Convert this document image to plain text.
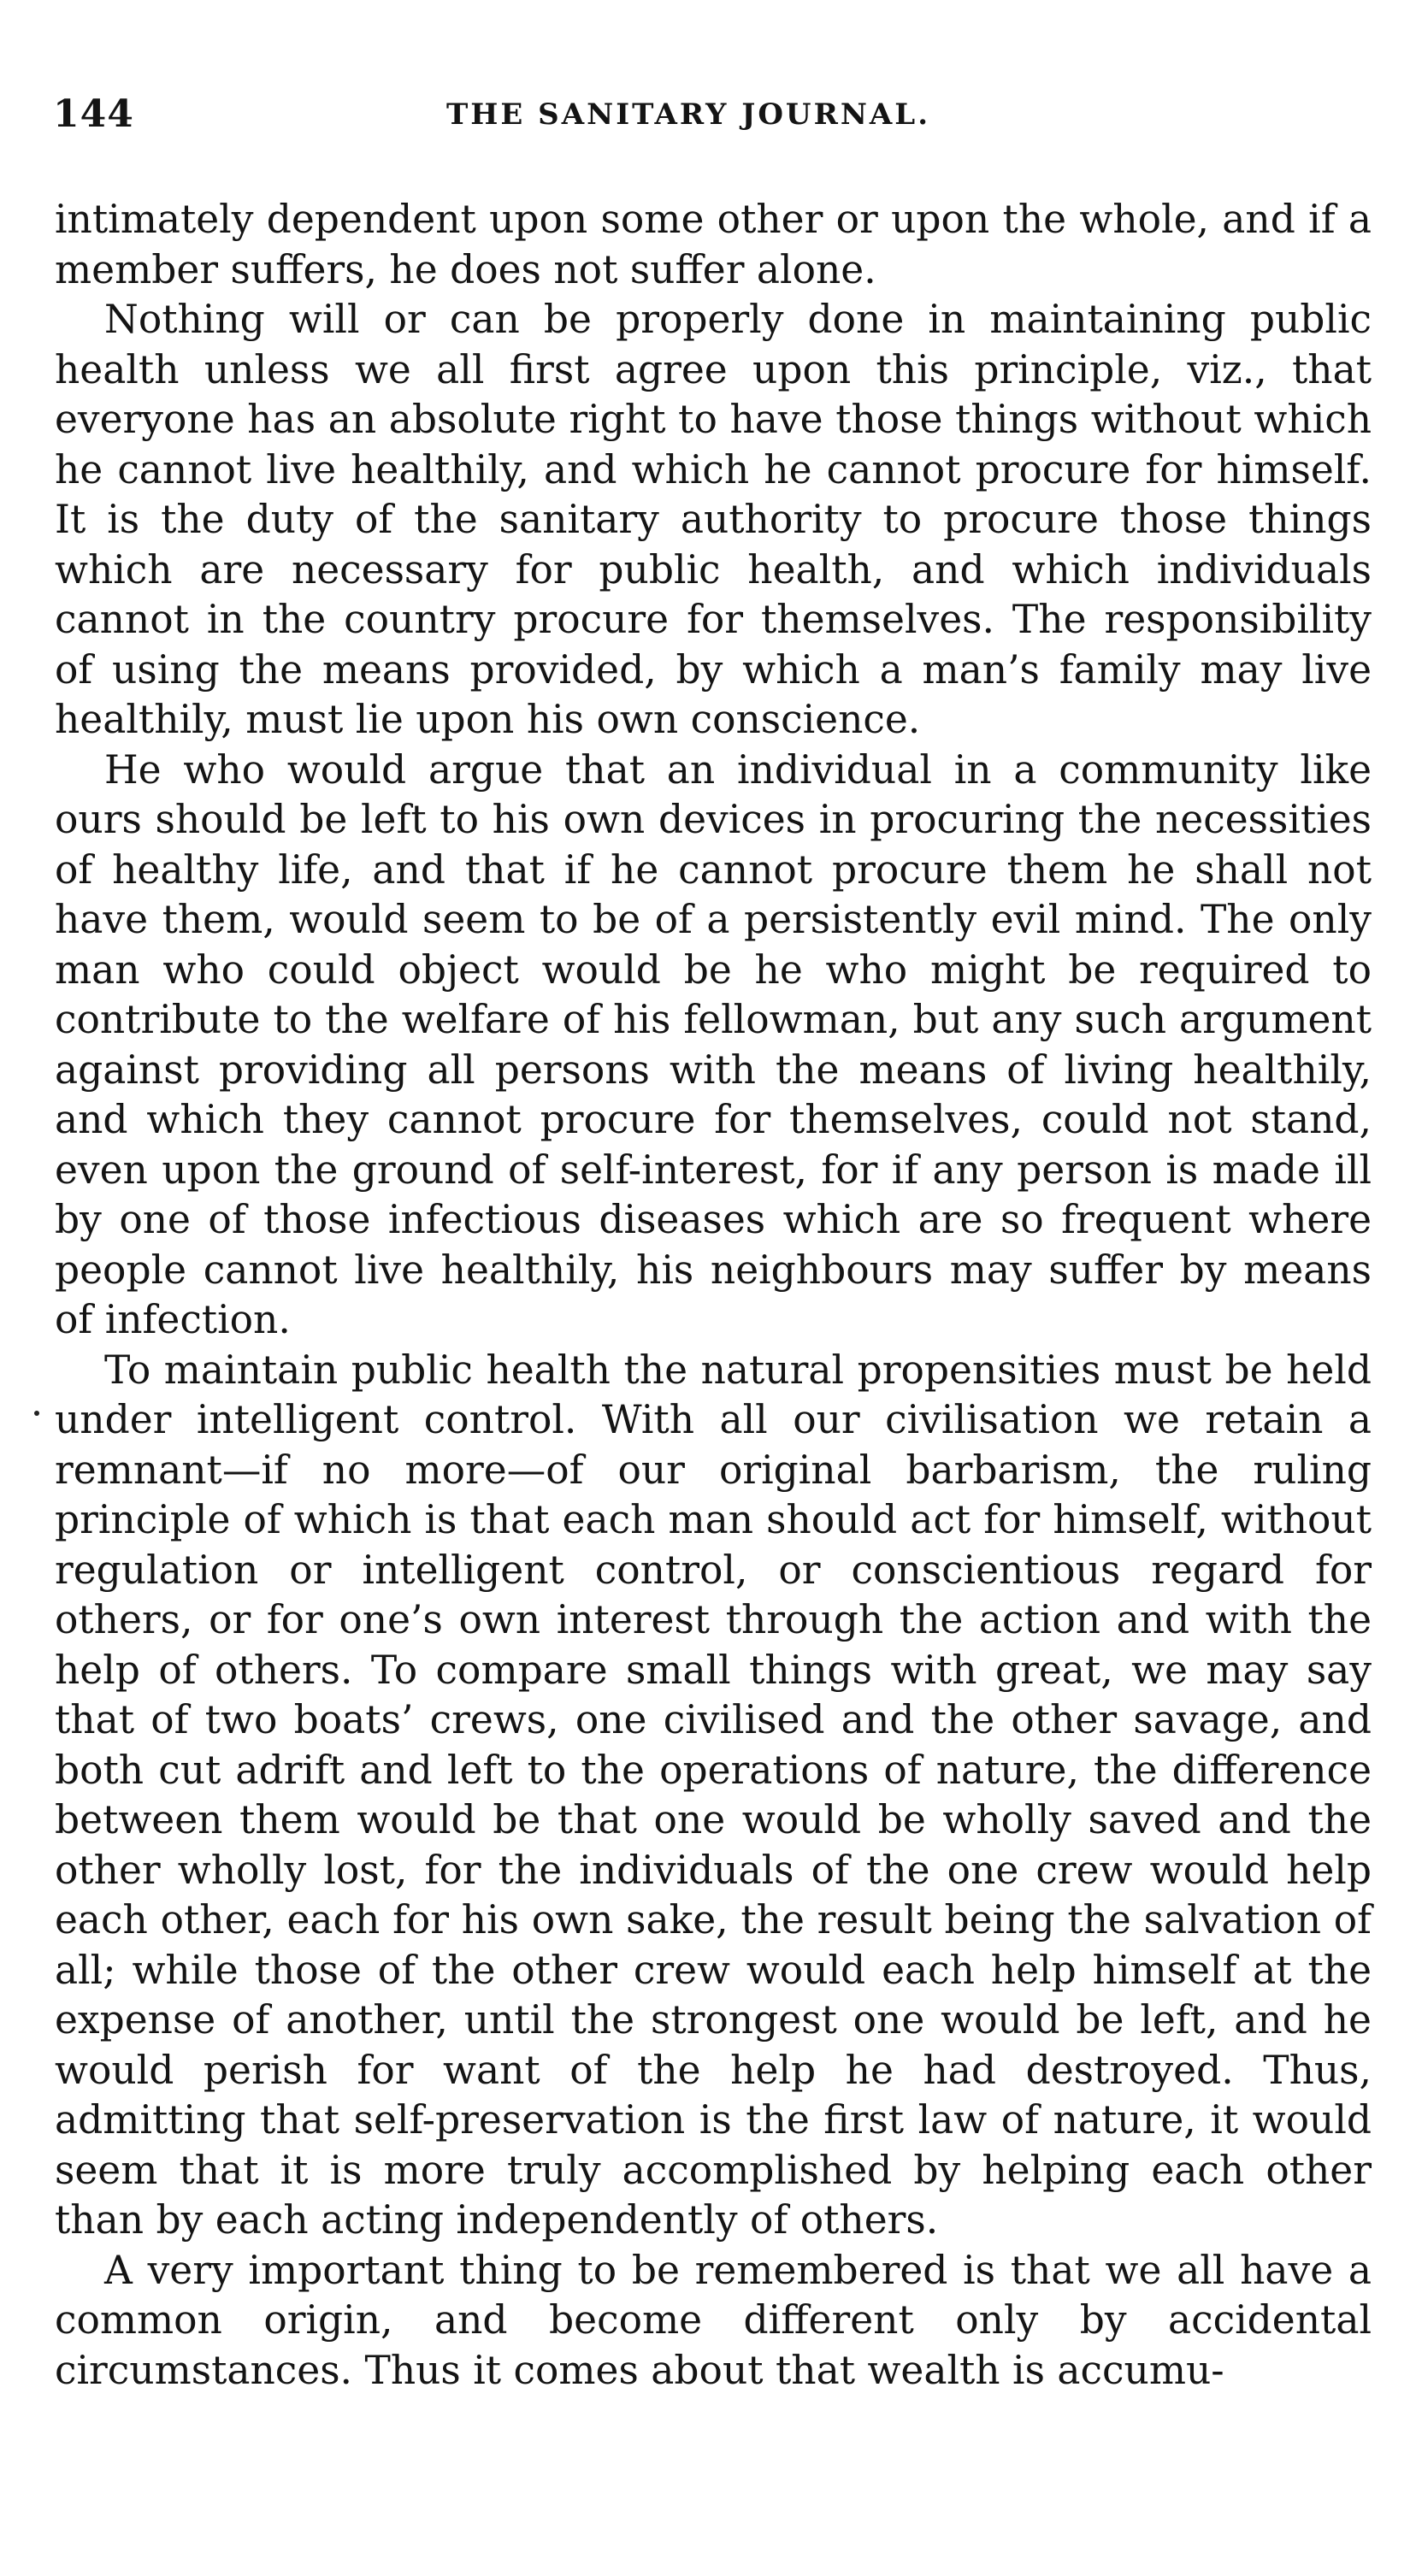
144	THE SANITARY JOURNAL.

intimately dependent upon some other or upon the whole, and if a member suffers, he does not suffer alone.

Nothing will or can be properly done in maintaining public health unless we all first agree upon this principle, viz., that everyone has an absolute right to have those things without which he cannot live healthily, and which he cannot procure for himself. It is the duty of the sanitary authority to procure those things which are necessary for public health, and which individuals cannot in the country procure for themselves. The responsibility of using the means provided, by which a man’s family may live healthily, must lie upon his own conscience.

He who would argue that an individual in a community like ours should be left to his own devices in procuring the necessities of healthy life, and that if he cannot procure them he shall not have them, would seem to be of a persistently evil mind. The only man who could object would be he who might be required to contribute to the welfare of his fellowman, but any such argument against providing all persons with the means of living healthily, and which they cannot procure for themselves, could not stand, even upon the ground of self-interest, for if any person is made ill by one of those infectious diseases which are so frequent where people cannot live healthily, his neighbours may suffer by means of infection.

To maintain public health the natural propensities must be held under intelligent control. With all our civilisation we retain a remnant—if no more—of our original barbarism, the ruling principle of which is that each man should act for himself, without regulation or intelligent control, or conscientious regard for others, or for one’s own interest through the action and with the help of others. To compare small things with great, we may say that of two boats’ crews, one civilised and the other savage, and both cut adrift and left to the operations of nature, the difference between them would be that one would be wholly saved and the other wholly lost, for the individuals of the one crew would help each other, each for his own sake, the result being the salvation of all; while those of the other crew would each help himself at the expense of another, until the strongest one would be left, and he would perish for want of the help he had destroyed. Thus, admitting that self-preservation is the first law of nature, it would seem that it is more truly accomplished by helping each other than by each acting independently of others.

A very important thing to be remembered is that we all have a common origin, and become different only by accidental circumstances. Thus it comes about that wealth is accumu-
